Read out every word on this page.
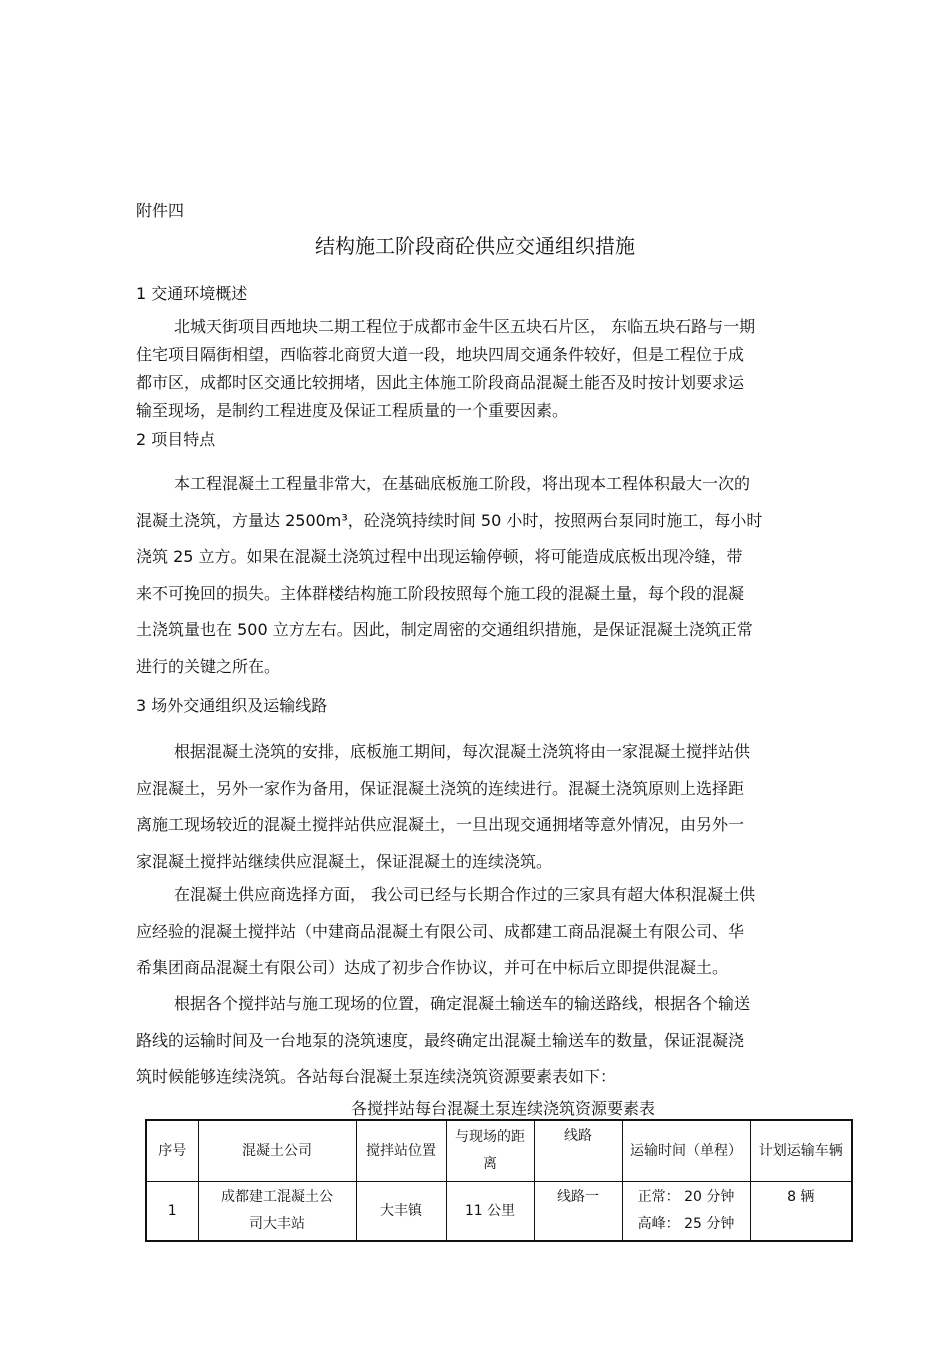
附件四
结构施工阶段商砼供应交通组织措施
1 交通环境概述
北城天街项目西地块二期工程位于成都市金牛区五块石片区， 东临五块石路与一期
住宅项目隔街相望，西临蓉北商贸大道一段，地块四周交通条件较好，但是工程位于成
都市区，成都时区交通比较拥堵，因此主体施工阶段商品混凝土能否及时按计划要求运
输至现场，是制约工程进度及保证工程质量的一个重要因素。
2 项目特点
本工程混凝土工程量非常大，在基础底板施工阶段，将出现本工程体积最大一次的
混凝土浇筑，方量达 2500m³，砼浇筑持续时间 50 小时，按照两台泵同时施工，每小时
浇筑 25 立方。如果在混凝土浇筑过程中出现运输停顿，将可能造成底板出现冷缝，带
来不可挽回的损失。主体群楼结构施工阶段按照每个施工段的混凝土量，每个段的混凝
土浇筑量也在 500 立方左右。因此，制定周密的交通组织措施，是保证混凝土浇筑正常
进行的关键之所在。
3 场外交通组织及运输线路
根据混凝土浇筑的安排，底板施工期间，每次混凝土浇筑将由一家混凝土搅拌站供
应混凝土，另外一家作为备用，保证混凝土浇筑的连续进行。混凝土浇筑原则上选择距
离施工现场较近的混凝土搅拌站供应混凝土，一旦出现交通拥堵等意外情况，由另外一
家混凝土搅拌站继续供应混凝土，保证混凝土的连续浇筑。
在混凝土供应商选择方面， 我公司已经与长期合作过的三家具有超大体积混凝土供
应经验的混凝土搅拌站（中建商品混凝土有限公司、成都建工商品混凝土有限公司、华
希集团商品混凝土有限公司）达成了初步合作协议，并可在中标后立即提供混凝土。
根据各个搅拌站与施工现场的位置，确定混凝土输送车的输送路线，根据各个输送
路线的运输时间及一台地泵的浇筑速度，最终确定出混凝土输送车的数量，保证混凝浇
筑时候能够连续浇筑。各站每台混凝土泵连续浇筑资源要素表如下：
各搅拌站每台混凝土泵连续浇筑资源要素表
序号	混凝土公司	搅拌站位置	与现场的距离	线路	运输时间（单程）	计划运输车辆
1	成都建工混凝土公司大丰站	大丰镇	11 公里	线路一	正常： 20 分钟
高峰： 25 分钟	8 辆
